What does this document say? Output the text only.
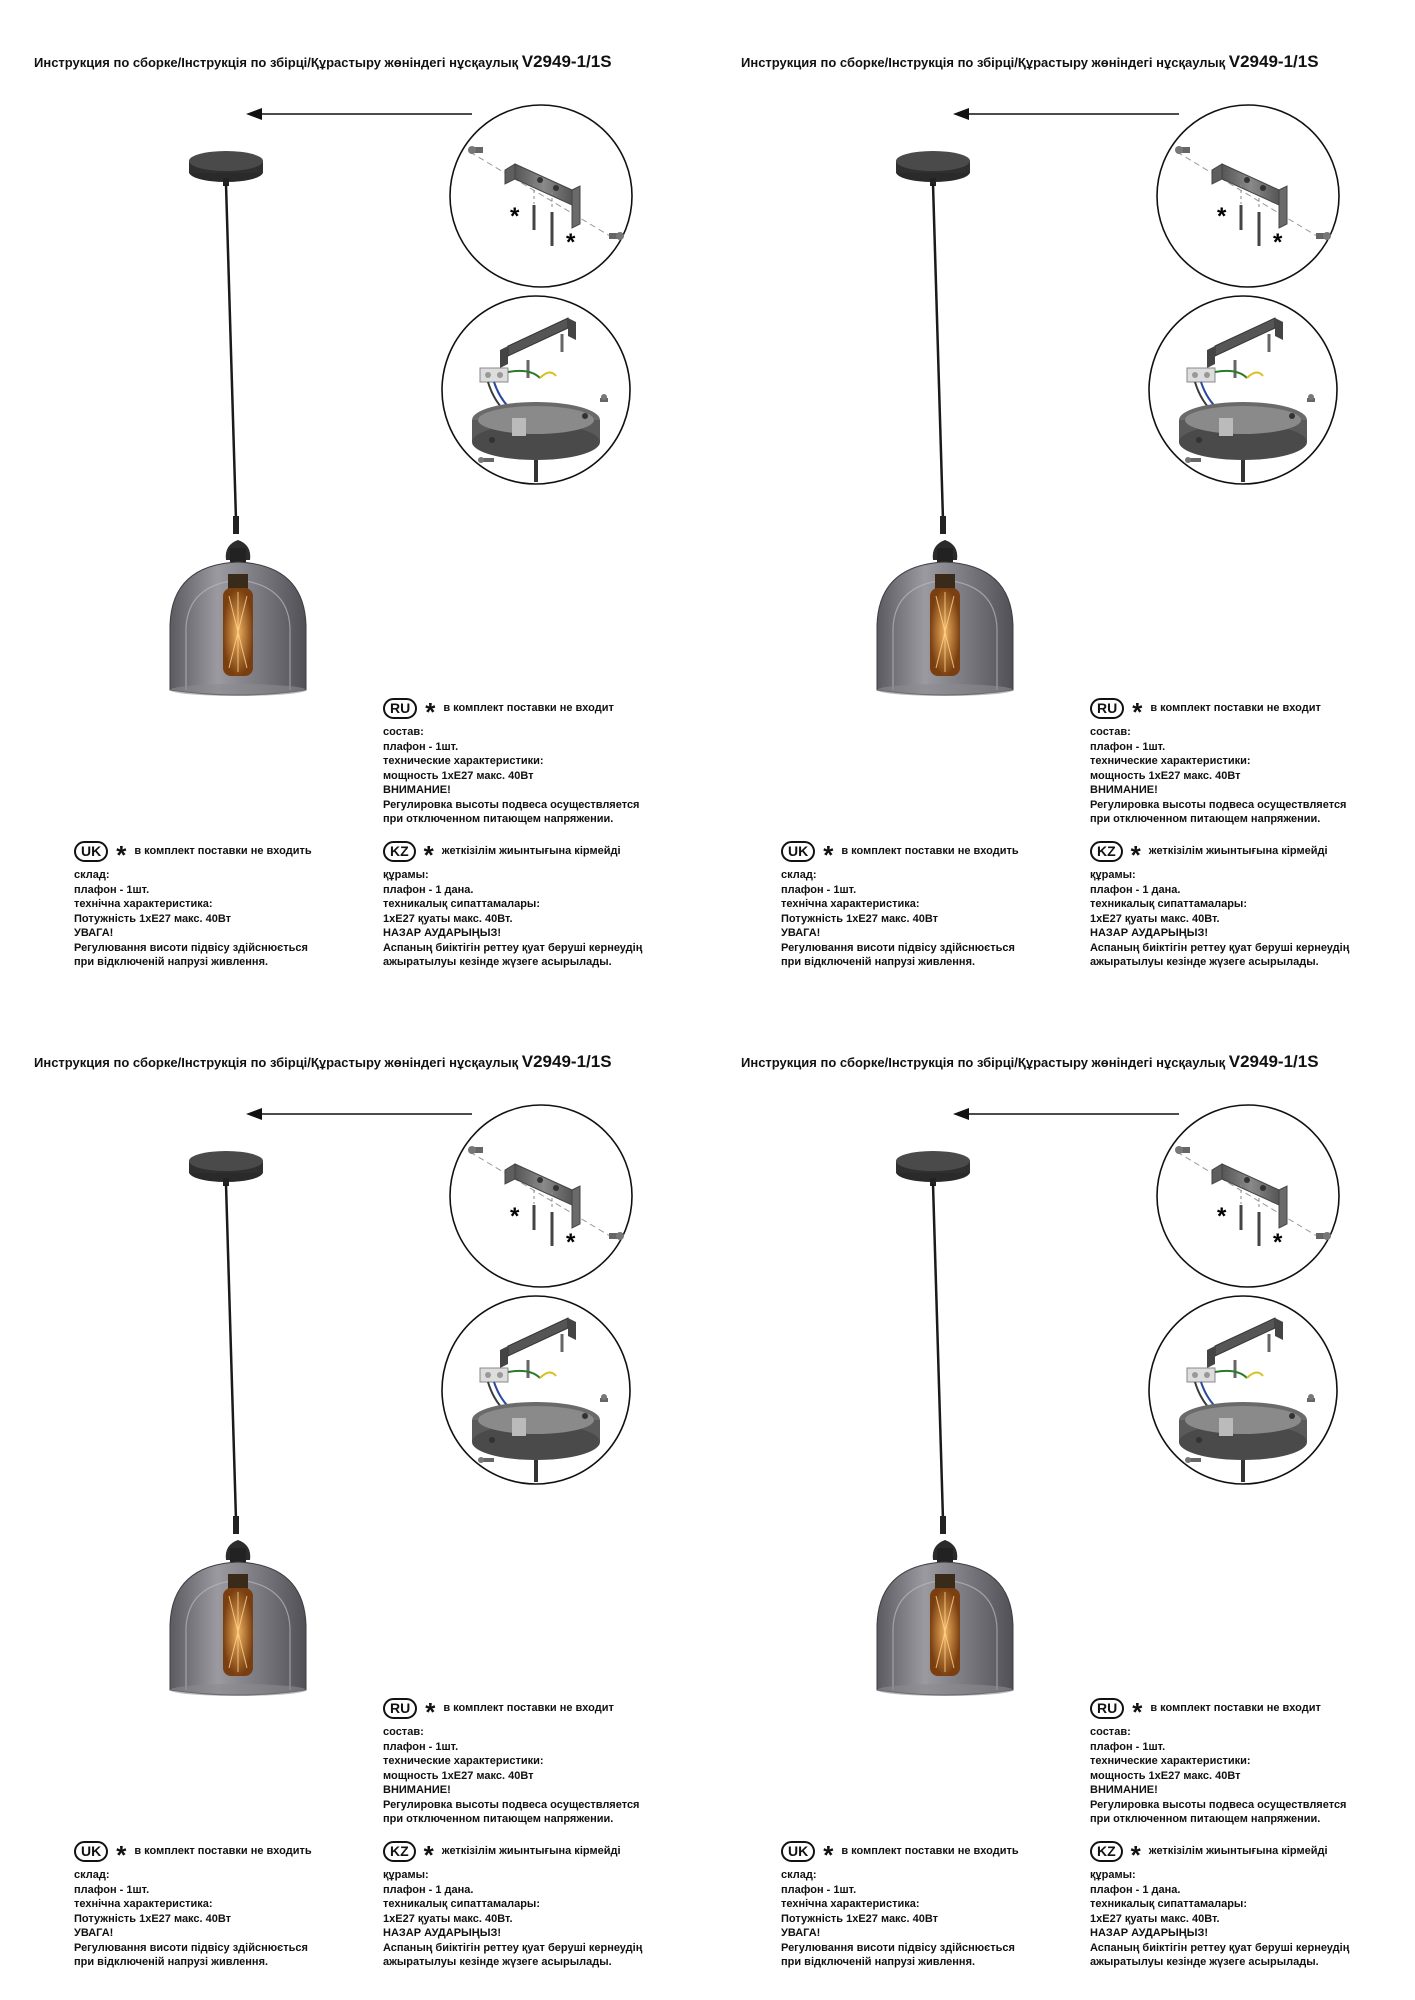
Инструкция по сборке/Інструкція по збірці/Құрастыру жөніндегі нұсқаулық V2949-1/1S
*
*
RU * в комплект поставки не входит
состав:
плафон - 1шт.
технические характеристики:
мощность 1xE27 макс. 40Вт
ВНИМАНИЕ!
Регулировка высоты подвеса осуществляется
при отключенном питающем напряжении.
UK * в комплект поставки не входить
склад:
плафон - 1шт.
технічна характеристика:
Потужність 1xE27 макс. 40Вт
УВАГА!
Регулювання висоти підвісу здійснюється
при відключеній напрузі живлення.
KZ * жеткізілім жиынтығына кірмейді
құрамы:
плафон - 1 дана.
техникалық сипаттамалары:
1xE27 қуаты макс. 40Вт.
НАЗАР АУДАРЫҢЫЗ!
Аспаның биіктігін реттеу қуат беруші кернеудің
ажыратылуы кезінде жүзеге асырылады.
Инструкция по сборке/Інструкція по збірці/Құрастыру жөніндегі нұсқаулық V2949-1/1S
*
*
RU * в комплект поставки не входит
состав:
плафон - 1шт.
технические характеристики:
мощность 1xE27 макс. 40Вт
ВНИМАНИЕ!
Регулировка высоты подвеса осуществляется
при отключенном питающем напряжении.
UK * в комплект поставки не входить
склад:
плафон - 1шт.
технічна характеристика:
Потужність 1xE27 макс. 40Вт
УВАГА!
Регулювання висоти підвісу здійснюється
при відключеній напрузі живлення.
KZ * жеткізілім жиынтығына кірмейді
құрамы:
плафон - 1 дана.
техникалық сипаттамалары:
1xE27 қуаты макс. 40Вт.
НАЗАР АУДАРЫҢЫЗ!
Аспаның биіктігін реттеу қуат беруші кернеудің
ажыратылуы кезінде жүзеге асырылады.
Инструкция по сборке/Інструкція по збірці/Құрастыру жөніндегі нұсқаулық V2949-1/1S
*
*
RU * в комплект поставки не входит
состав:
плафон - 1шт.
технические характеристики:
мощность 1xE27 макс. 40Вт
ВНИМАНИЕ!
Регулировка высоты подвеса осуществляется
при отключенном питающем напряжении.
UK * в комплект поставки не входить
склад:
плафон - 1шт.
технічна характеристика:
Потужність 1xE27 макс. 40Вт
УВАГА!
Регулювання висоти підвісу здійснюється
при відключеній напрузі живлення.
KZ * жеткізілім жиынтығына кірмейді
құрамы:
плафон - 1 дана.
техникалық сипаттамалары:
1xE27 қуаты макс. 40Вт.
НАЗАР АУДАРЫҢЫЗ!
Аспаның биіктігін реттеу қуат беруші кернеудің
ажыратылуы кезінде жүзеге асырылады.
Инструкция по сборке/Інструкція по збірці/Құрастыру жөніндегі нұсқаулық V2949-1/1S
*
*
RU * в комплект поставки не входит
состав:
плафон - 1шт.
технические характеристики:
мощность 1xE27 макс. 40Вт
ВНИМАНИЕ!
Регулировка высоты подвеса осуществляется
при отключенном питающем напряжении.
UK * в комплект поставки не входить
склад:
плафон - 1шт.
технічна характеристика:
Потужність 1xE27 макс. 40Вт
УВАГА!
Регулювання висоти підвісу здійснюється
при відключеній напрузі живлення.
KZ * жеткізілім жиынтығына кірмейді
құрамы:
плафон - 1 дана.
техникалық сипаттамалары:
1xE27 қуаты макс. 40Вт.
НАЗАР АУДАРЫҢЫЗ!
Аспаның биіктігін реттеу қуат беруші кернеудің
ажыратылуы кезінде жүзеге асырылады.
